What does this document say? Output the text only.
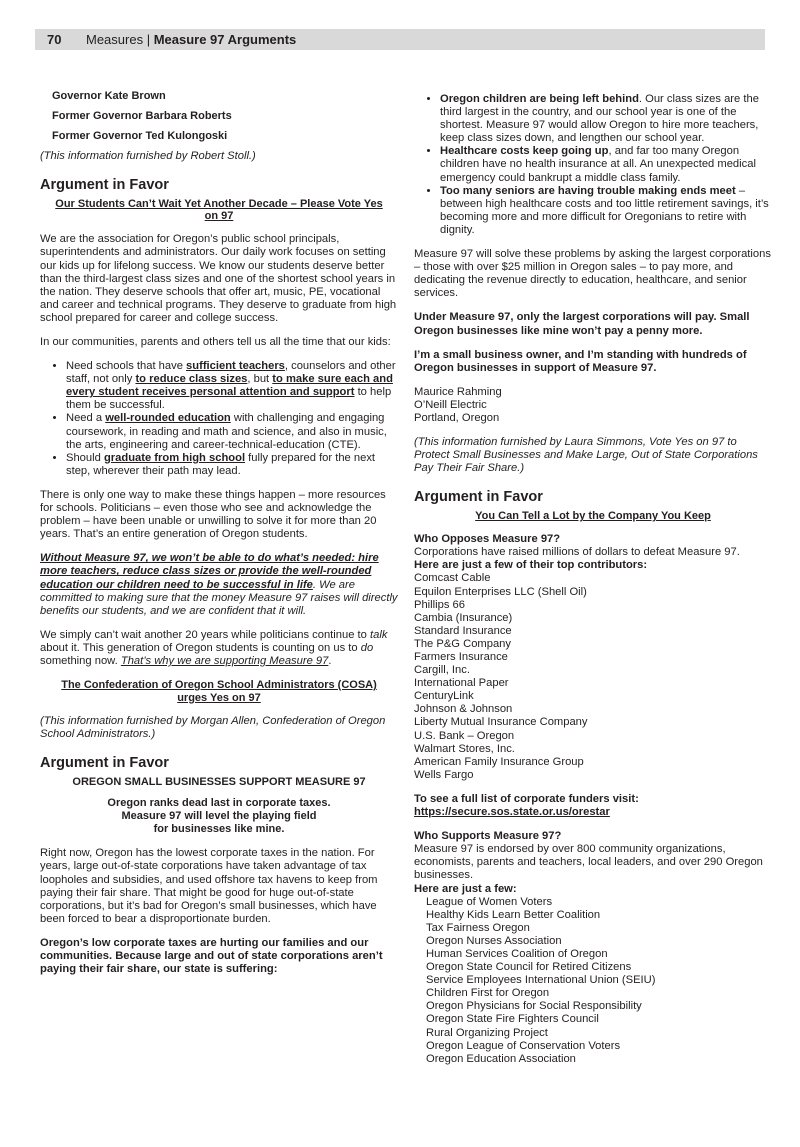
70 Measures | Measure 97 Arguments

Governor Kate Brown

Former Governor Barbara Roberts

Former Governor Ted Kulongoski

(This information furnished by Robert Stoll.)

Argument in Favor
Our Students Can’t Wait Yet Another Decade – Please Vote Yes on 97

We are the association for Oregon’s public school principals, superintendents and administrators. Our daily work focuses on setting our kids up for lifelong success. We know our students deserve better than the third-largest class sizes and one of the shortest school years in the nation. They deserve schools that offer art, music, PE, vocational and career and technical programs. They deserve to graduate from high school prepared for career and college success.

In our communities, parents and others tell us all the time that our kids:

• Need schools that have sufficient teachers, counselors and other staff, not only to reduce class sizes, but to make sure each and every student receives personal attention and support to help them be successful.
• Need a well-rounded education with challenging and engaging coursework, in reading and math and science, and also in music, the arts, engineering and career-technical-education (CTE).
• Should graduate from high school fully prepared for the next step, wherever their path may lead.

There is only one way to make these things happen – more resources for schools. Politicians – even those who see and acknowledge the problem – have been unable or unwilling to solve it for more than 20 years. That’s an entire generation of Oregon students.

Without Measure 97, we won’t be able to do what’s needed: hire more teachers, reduce class sizes or provide the well-rounded education our children need to be successful in life. We are committed to making sure that the money Measure 97 raises will directly benefits our students, and we are confident that it will.

We simply can’t wait another 20 years while politicians continue to talk about it. This generation of Oregon students is counting on us to do something now. That’s why we are supporting Measure 97.

The Confederation of Oregon School Administrators (COSA) urges Yes on 97

(This information furnished by Morgan Allen, Confederation of Oregon School Administrators.)

Argument in Favor
OREGON SMALL BUSINESSES SUPPORT MEASURE 97
Oregon ranks dead last in corporate taxes.
Measure 97 will level the playing field
for businesses like mine.

Right now, Oregon has the lowest corporate taxes in the nation. For years, large out-of-state corporations have taken advantage of tax loopholes and subsidies, and used offshore tax havens to keep from paying their fair share. That might be good for huge out-of-state corporations, but it’s bad for Oregon’s small businesses, which have been forced to bear a disproportionate burden.

Oregon’s low corporate taxes are hurting our families and our communities. Because large and out of state corporations aren’t paying their fair share, our state is suffering:

• Oregon children are being left behind. Our class sizes are the third largest in the country, and our school year is one of the shortest. Measure 97 would allow Oregon to hire more teachers, keep class sizes down, and lengthen our school year.
• Healthcare costs keep going up, and far too many Oregon children have no health insurance at all. An unexpected medical emergency could bankrupt a middle class family.
• Too many seniors are having trouble making ends meet – between high healthcare costs and too little retirement savings, it’s becoming more and more difficult for Oregonians to retire with dignity.

Measure 97 will solve these problems by asking the largest corporations – those with over $25 million in Oregon sales – to pay more, and dedicating the revenue directly to education, healthcare, and senior services.

Under Measure 97, only the largest corporations will pay. Small Oregon businesses like mine won’t pay a penny more.

I’m a small business owner, and I’m standing with hundreds of Oregon businesses in support of Measure 97.

Maurice Rahming
O’Neill Electric
Portland, Oregon

(This information furnished by Laura Simmons, Vote Yes on 97 to Protect Small Businesses and Make Large, Out of State Corporations Pay Their Fair Share.)

Argument in Favor
You Can Tell a Lot by the Company You Keep
Who Opposes Measure 97?
Corporations have raised millions of dollars to defeat Measure 97.
Here are just a few of their top contributors:
Comcast Cable
Equilon Enterprises LLC (Shell Oil)
Phillips 66
Cambia (Insurance)
Standard Insurance
The P&G Company
Farmers Insurance
Cargill, Inc.
International Paper
CenturyLink
Johnson & Johnson
Liberty Mutual Insurance Company
U.S. Bank – Oregon
Walmart Stores, Inc.
American Family Insurance Group
Wells Fargo
To see a full list of corporate funders visit:
https://secure.sos.state.or.us/orestar
Who Supports Measure 97?
Measure 97 is endorsed by over 800 community organizations, economists, parents and teachers, local leaders, and over 290 Oregon businesses.
Here are just a few:
League of Women Voters
Healthy Kids Learn Better Coalition
Tax Fairness Oregon
Oregon Nurses Association
Human Services Coalition of Oregon
Oregon State Council for Retired Citizens
Service Employees International Union (SEIU)
Children First for Oregon
Oregon Physicians for Social Responsibility
Oregon State Fire Fighters Council
Rural Organizing Project
Oregon League of Conservation Voters
Oregon Education Association
